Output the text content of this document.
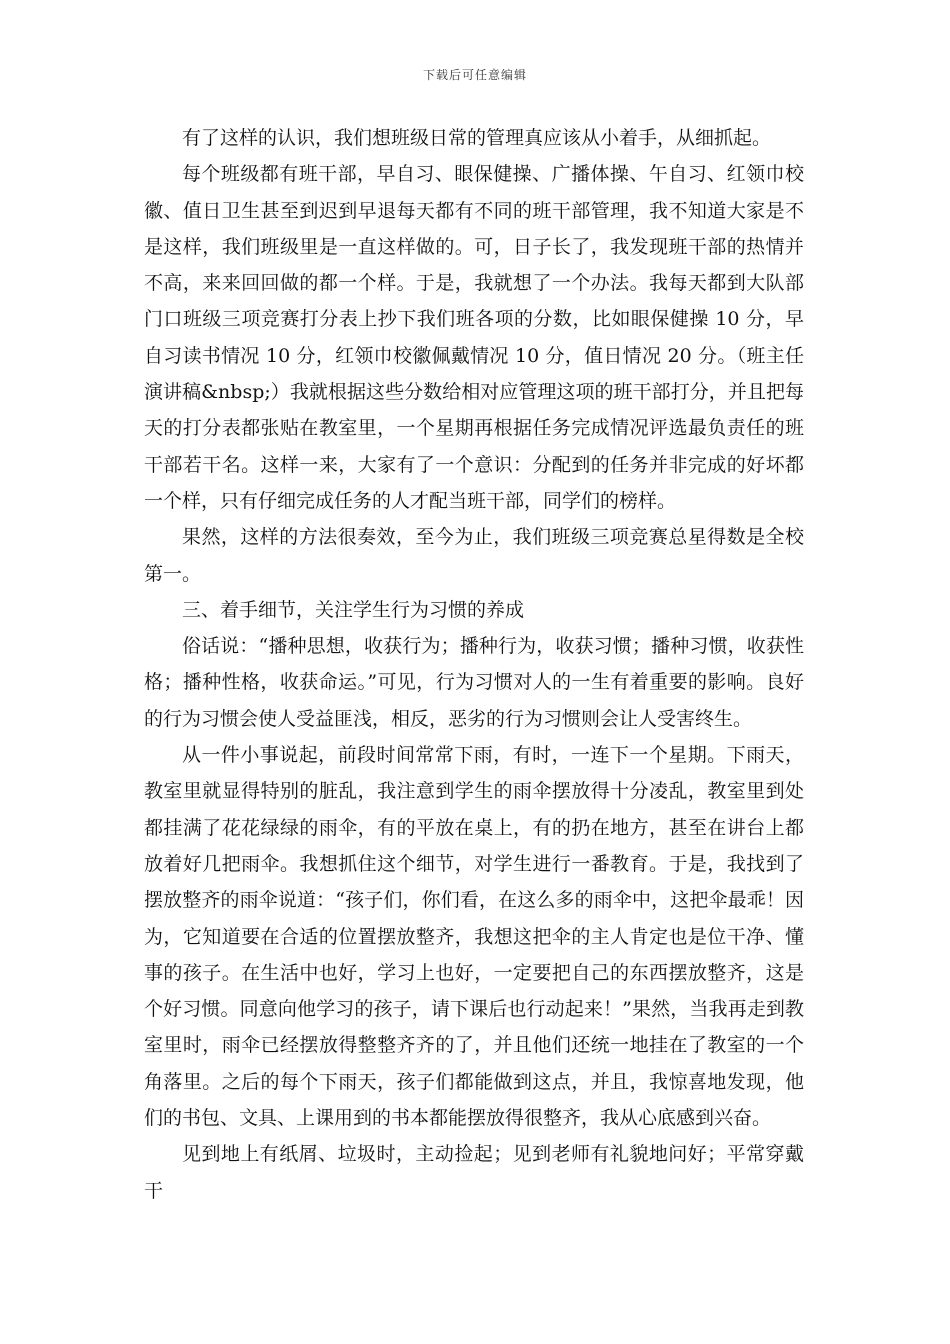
下载后可任意编辑

有了这样的认识，我们想班级日常的管理真应该从小着手，从细抓起。

每个班级都有班干部，早自习、眼保健操、广播体操、午自习、红领巾校徽、值日卫生甚至到迟到早退每天都有不同的班干部管理，我不知道大家是不是这样，我们班级里是一直这样做的。可，日子长了，我发现班干部的热情并不高，来来回回做的都一个样。于是，我就想了一个办法。我每天都到大队部门口班级三项竞赛打分表上抄下我们班各项的分数，比如眼保健操 10 分，早自习读书情况 10 分，红领巾校徽佩戴情况 10 分，值日情况 20 分。（班主任演讲稿&nbsp;）我就根据这些分数给相对应管理这项的班干部打分，并且把每天的打分表都张贴在教室里，一个星期再根据任务完成情况评选最负责任的班干部若干名。这样一来，大家有了一个意识：分配到的任务并非完成的好坏都一个样，只有仔细完成任务的人才配当班干部，同学们的榜样。

果然，这样的方法很奏效，至今为止，我们班级三项竞赛总星得数是全校第一。

三、着手细节，关注学生行为习惯的养成

俗话说：“播种思想，收获行为；播种行为，收获习惯；播种习惯，收获性格；播种性格，收获命运。”可见，行为习惯对人的一生有着重要的影响。良好的行为习惯会使人受益匪浅，相反，恶劣的行为习惯则会让人受害终生。

从一件小事说起，前段时间常常下雨，有时，一连下一个星期。下雨天，教室里就显得特别的脏乱，我注意到学生的雨伞摆放得十分凌乱，教室里到处都挂满了花花绿绿的雨伞，有的平放在桌上，有的扔在地方，甚至在讲台上都放着好几把雨伞。我想抓住这个细节，对学生进行一番教育。于是，我找到了摆放整齐的雨伞说道：“孩子们，你们看，在这么多的雨伞中，这把伞最乖！因为，它知道要在合适的位置摆放整齐，我想这把伞的主人肯定也是位干净、懂事的孩子。在生活中也好，学习上也好，一定要把自己的东西摆放整齐，这是个好习惯。同意向他学习的孩子，请下课后也行动起来！”果然，当我再走到教室里时，雨伞已经摆放得整整齐齐的了，并且他们还统一地挂在了教室的一个角落里。之后的每个下雨天，孩子们都能做到这点，并且，我惊喜地发现，他们的书包、文具、上课用到的书本都能摆放得很整齐，我从心底感到兴奋。

见到地上有纸屑、垃圾时，主动捡起；见到老师有礼貌地问好；平常穿戴干
